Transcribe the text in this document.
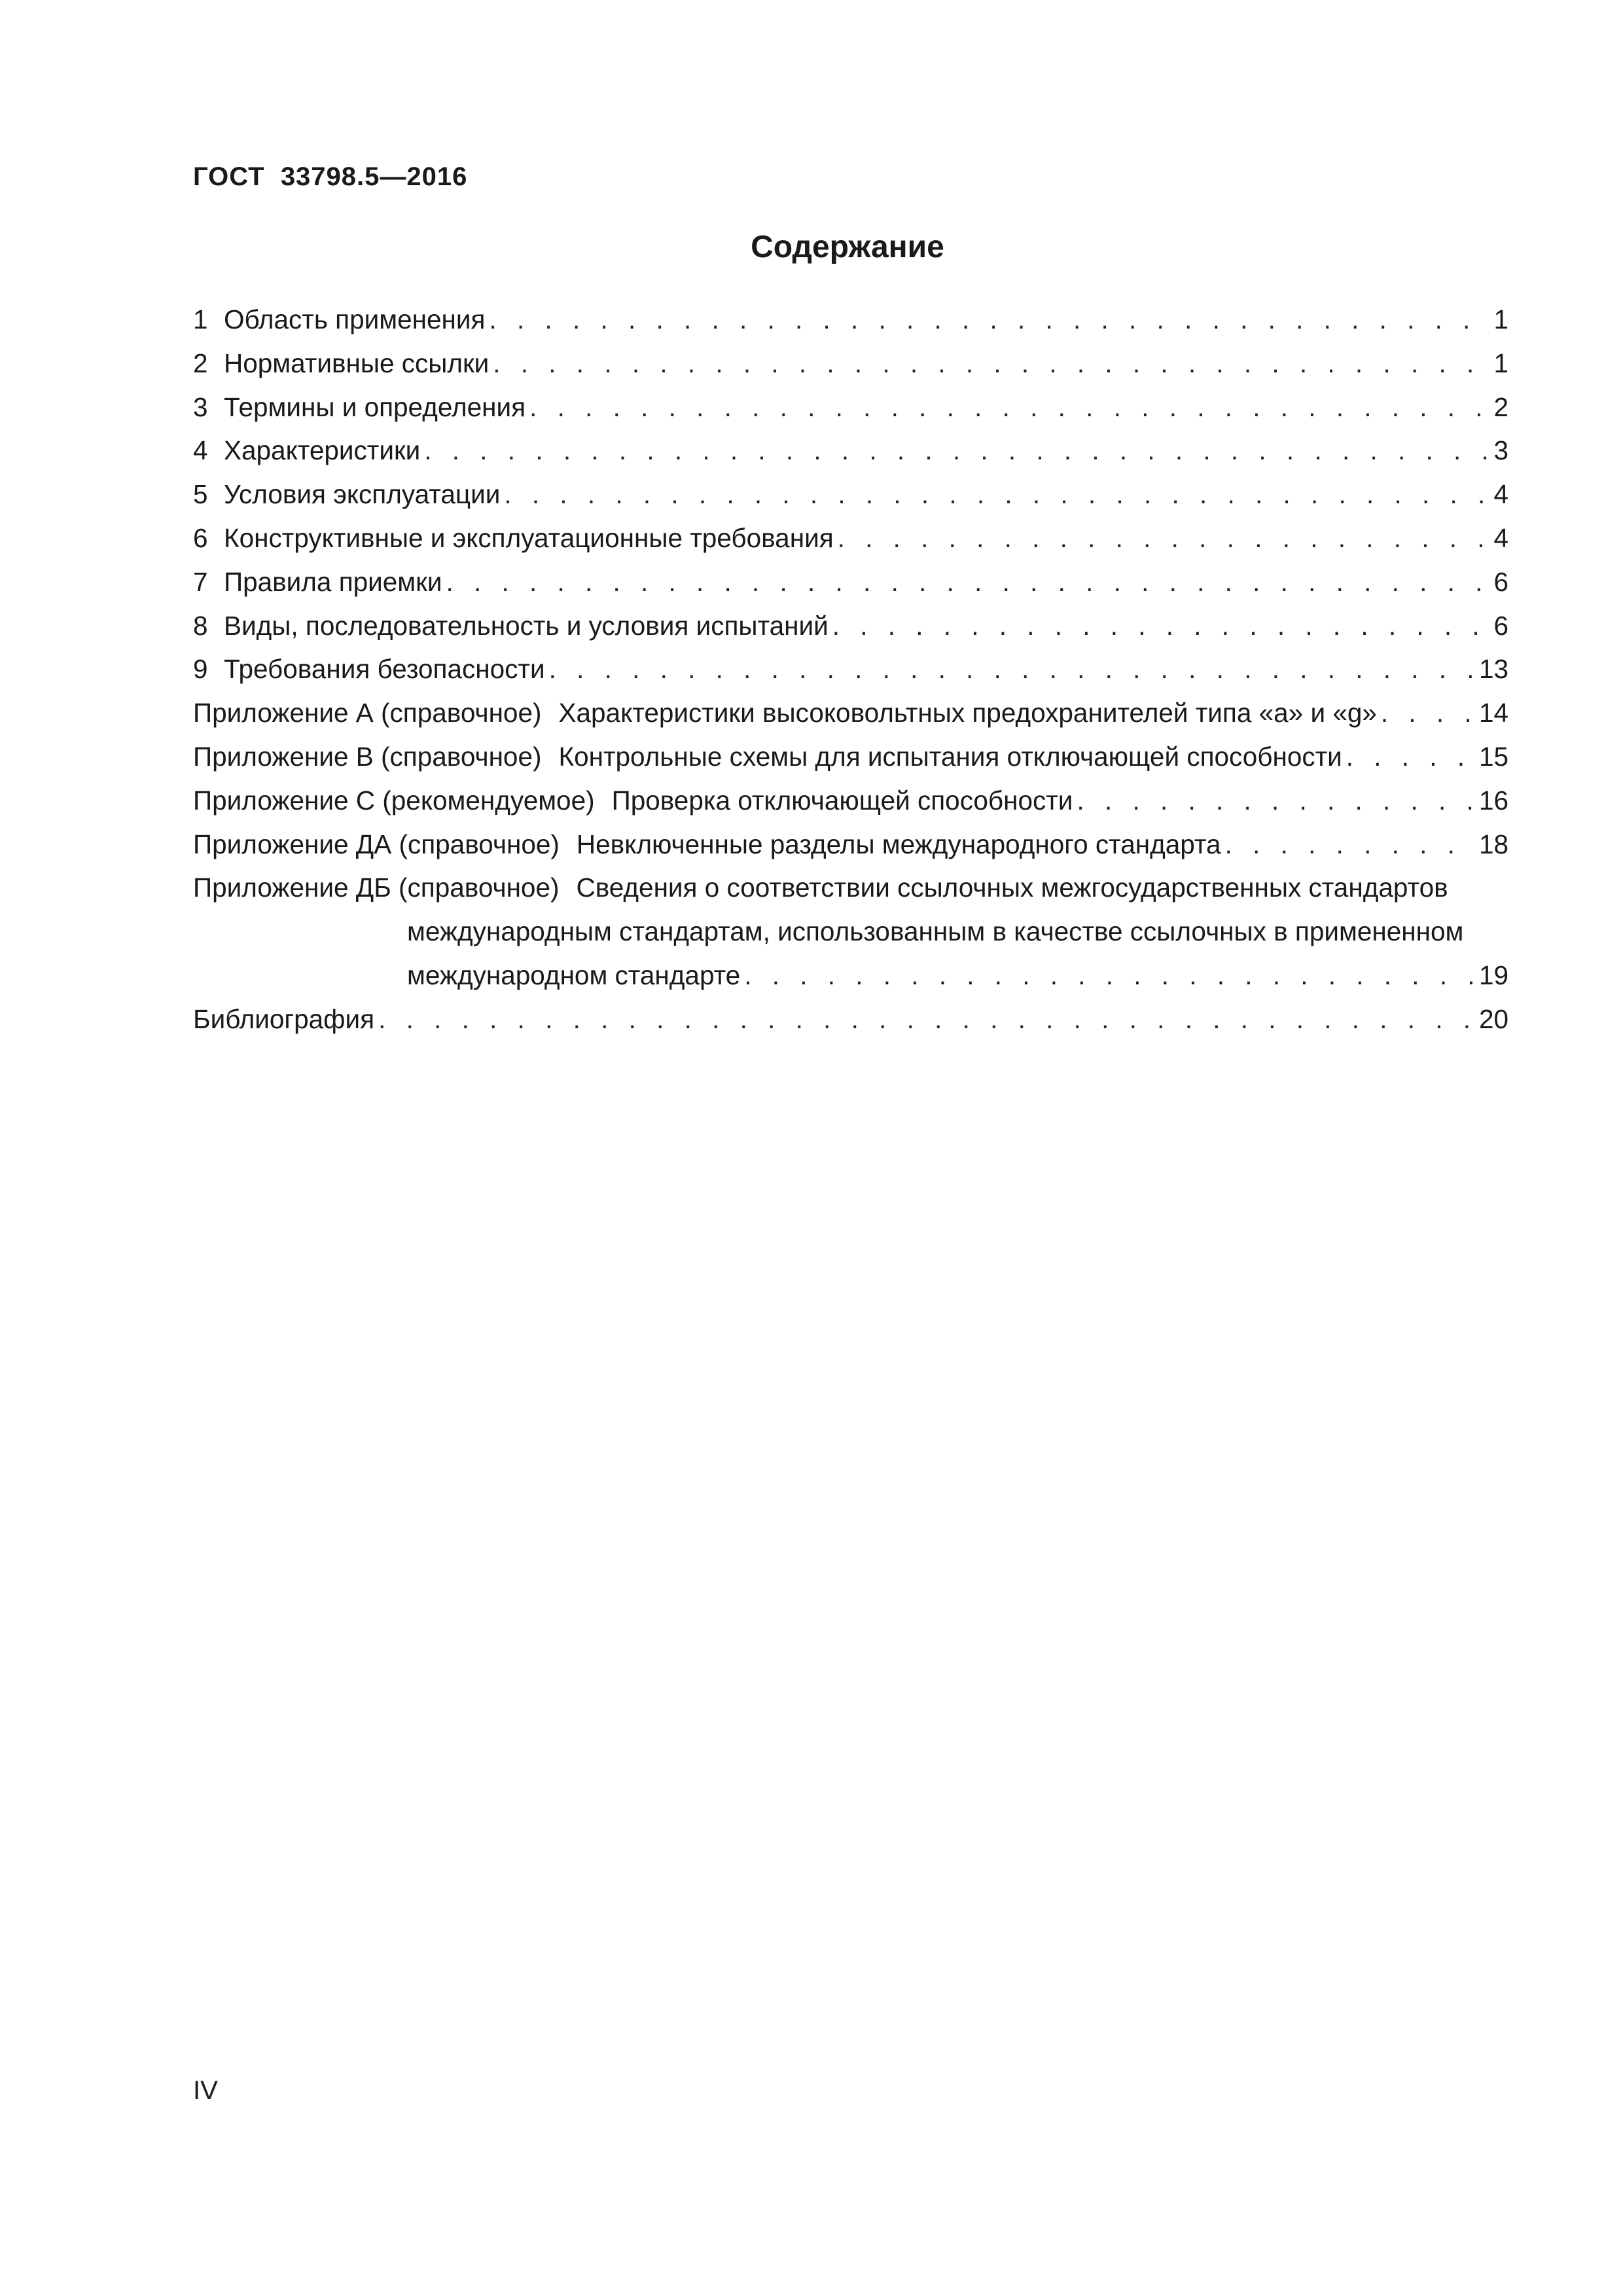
ГОСТ  33798.5—2016
Содержание
1 Область применения . . .	1
2 Нормативные ссылки . . .	1
3 Термины и определения . . .	2
4 Характеристики . . .	3
5 Условия эксплуатации . . .	4
6 Конструктивные и эксплуатационные требования . . .	4
7 Правила приемки . . .	6
8 Виды, последовательность и условия испытаний . . .	6
9 Требования безопасности . . .	13
Приложение А (справочное) Характеристики высоковольтных предохранителей типа «а» и «g» . . .	14
Приложение В (справочное) Контрольные схемы для испытания отключающей способности . . .	15
Приложение С (рекомендуемое) Проверка отключающей способности . . .	16
Приложение ДА (справочное) Невключенные разделы международного стандарта . . .	18
Приложение ДБ (справочное) Сведения о соответствии ссылочных межгосударственных стандартов
международным стандартам, использованным в качестве ссылочных в примененном
международном стандарте . . .	19
Библиография . . .	20
IV
